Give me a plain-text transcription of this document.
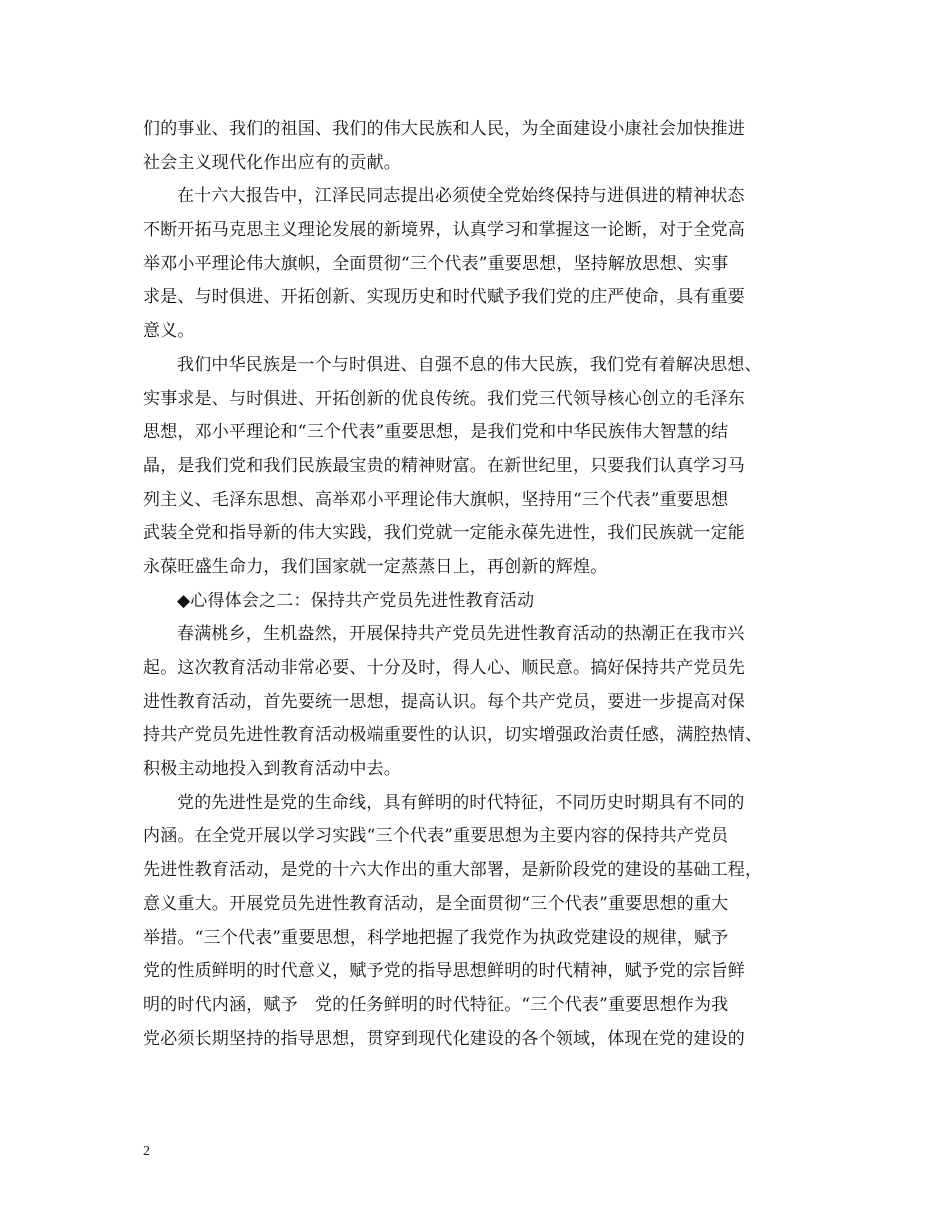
们的事业、我们的祖国、我们的伟大民族和人民，为全面建设小康社会加快推进
社会主义现代化作出应有的贡献。
在十六大报告中，江泽民同志提出必须使全党始终保持与进俱进的精神状态
不断开拓马克思主义理论发展的新境界，认真学习和掌握这一论断，对于全党高
举邓小平理论伟大旗帜，全面贯彻“三个代表”重要思想，坚持解放思想、实事
求是、与时俱进、开拓创新、实现历史和时代赋予我们党的庄严使命，具有重要
意义。
我们中华民族是一个与时俱进、自强不息的伟大民族，我们党有着解决思想、
实事求是、与时俱进、开拓创新的优良传统。我们党三代领导核心创立的毛泽东
思想，邓小平理论和“三个代表”重要思想，是我们党和中华民族伟大智慧的结
晶，是我们党和我们民族最宝贵的精神财富。在新世纪里，只要我们认真学习马
列主义、毛泽东思想、高举邓小平理论伟大旗帜，坚持用“三个代表”重要思想
武装全党和指导新的伟大实践，我们党就一定能永葆先进性，我们民族就一定能
永葆旺盛生命力，我们国家就一定蒸蒸日上，再创新的辉煌。
◆心得体会之二：保持共产党员先进性教育活动
春满桃乡，生机盎然，开展保持共产党员先进性教育活动的热潮正在我市兴
起。这次教育活动非常必要、十分及时，得人心、顺民意。搞好保持共产党员先
进性教育活动，首先要统一思想，提高认识。每个共产党员，要进一步提高对保
持共产党员先进性教育活动极端重要性的认识，切实增强政治责任感，满腔热情、
积极主动地投入到教育活动中去。
党的先进性是党的生命线，具有鲜明的时代特征，不同历史时期具有不同的
内涵。在全党开展以学习实践“三个代表”重要思想为主要内容的保持共产党员
先进性教育活动，是党的十六大作出的重大部署，是新阶段党的建设的基础工程，
意义重大。开展党员先进性教育活动，是全面贯彻“三个代表”重要思想的重大
举措。“三个代表”重要思想，科学地把握了我党作为执政党建设的规律，赋予
党的性质鲜明的时代意义，赋予党的指导思想鲜明的时代精神，赋予党的宗旨鲜
明的时代内涵，赋予　党的任务鲜明的时代特征。“三个代表”重要思想作为我
党必须长期坚持的指导思想，贯穿到现代化建设的各个领域，体现在党的建设的
2
